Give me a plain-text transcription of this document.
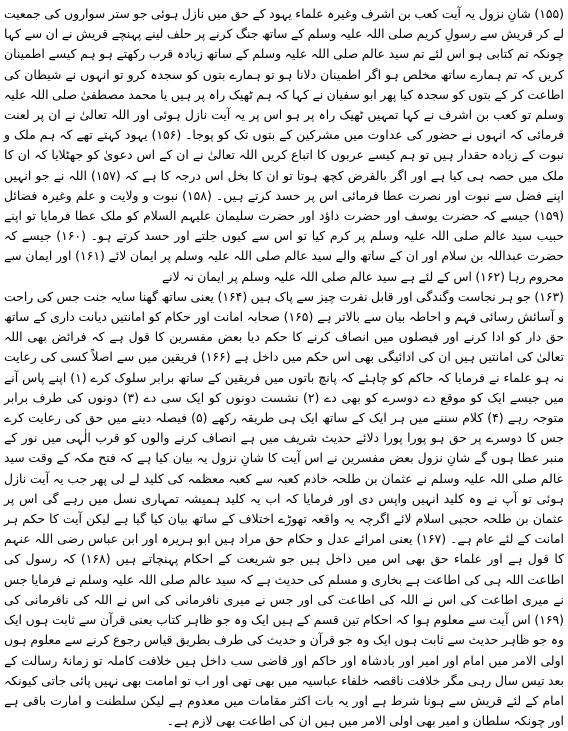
(۱۵۵) شانِ نزول یہ آیت کعب بن اشرف وغیرہ علماء یہود کے حق میں نازل ہوئی جو ستر سواروں کی جمعیت لے کر قریش سے رسولِ کریم صلی اللہ علیہ وسلم کے ساتھ جنگ کرنے پر حلف لینے پہنچے قریش نے ان سے کہا چونکہ تم کتابی ہو اس لئے تم سید عالم صلی اللہ علیہ وسلم کے ساتھ زیادہ قرب رکھتے ہو ہم کیسے اطمینان کریں کہ تم ہمارے ساتھ مخلص ہو اگر اطمینان دلانا ہو تو ہمارے بتوں کو سجدہ کرو تو انہوں نے شیطان کی اطاعت کر کے بتوں کو سجدہ کیا پھر ابو سفیان نے کہا کہ ہم ٹھیک راہ پر ہیں یا محمد مصطفیٰ صلی اللہ علیہ وسلم تو کعب بن اشرف نے کہا تمہیں ٹھیک راہ پر ہو اس پر یہ آیت نازل ہوئی اور اللہ تعالیٰ نے ان پر لعنت فرمائی کہ انہوں نے حضور کی عداوت میں مشرکین کے بتوں تک کو پوجا۔ (۱۵۶) یہود کہتے تھے کہ ہم ملک و نبوت کے زیادہ حقدار ہیں تو ہم کیسے عربوں کا اتباع کریں اللہ تعالیٰ نے ان کے اس دعویٰ کو جھٹلایا کہ ان کا ملک میں حصہ ہی کیا ہے اور اگر بالفرض کچھ ہوتا تو ان کا بخل اس درجہ کا ہے کہ (۱۵۷) اللہ نے جو انہیں اپنے فضل سے نبوت اور نصرت عطا فرمائی اس پر حسد کرتے ہیں۔ (۱۵۸) نبوت و ولایت و علم وغیرہ فضائل (۱۵۹) جیسے کہ حضرت یوسف اور حضرت داؤد اور حضرت سلیمان علیہم السلام کو ملک عطا فرمایا تو اپنے حبیب سید عالم صلی اللہ علیہ وسلم پر کرم کیا تو اس سے کیوں جلتے اور حسد کرتے ہو۔ (۱۶۰) جیسے کہ حضرت عبداللہ بن سلام اور ان کے ساتھ والے سید عالم صلی اللہ علیہ وسلم پر ایمان لائے (۱۶۱) اور ایمان سے محروم رہا (۱۶۲) اس کے لئے ہے سید عالم صلی اللہ علیہ وسلم پر ایمان نہ لانے

(۱۶۳) جو ہر نجاست وگندگی اور قابل نفرت چیز سے پاک ہیں (۱۶۴) یعنی ساتھ گھنا سایہ جنت جس کی راحت و آسائش رسائی فہم و احاطہ بیان سے بالاتر ہے (۱۶۵) صحابہ امانت اور حکام کو امانتیں دیانت داری کے ساتھ حق دار کو ادا کرنے اور فیصلوں میں انصاف کرنے کا حکم دیا بعض مفسرین کا قول ہے کہ فرائض بھی اللہ تعالیٰ کی امانتیں ہیں ان کی ادائیگی بھی اس حکم میں داخل ہے (۱۶۶) فریقین میں سے اصلاً کسی کی رعایت نہ ہو علماء نے فرمایا کہ حاکم کو چاہئے کہ پانچ باتوں میں فریقین کے ساتھ برابر سلوک کرے (۱) اپنے پاس آنے میں جیسے ایک کو موقع دے دوسرے کو بھی دے (۲) نشست دونوں کو ایک سی دے (۳) دونوں کی طرف برابر متوجہ رہے (۴) کلام سننے میں ہر ایک کے ساتھ ایک ہی طریقہ رکھے (۵) فیصلہ دینے میں حق کی رعایت کرے جس کا دوسرے پر حق ہو پورا پورا دلائے حدیث شریف میں ہے انصاف کرنے والوں کو قرب الٰہی میں نور کے منبر عطا ہوں گے شانِ نزول بعض مفسرین نے اس آیت کا شانِ نزول یہ بیان کیا ہے کہ فتح مکہ کے وقت سید عالم صلی اللہ علیہ وسلم نے عثمان بن طلحہ خادم کعبہ سے کعبہ معظمہ کی کلید لے لی پھر جب یہ آیت نازل ہوئی تو آپ نے وہ کلید انہیں واپس دی اور فرمایا کہ اب یہ کلید ہمیشہ تمہاری نسل میں رہے گی اس پر عثمان بن طلحہ حجبی اسلام لائے اگرچہ یہ واقعہ تھوڑے اختلاف کے ساتھ بیان کیا گیا ہے لیکن آیت کا حکم ہر امانت کے لئے عام ہے۔ (۱۶۷) یعنی امرائے عدل و حکام حق مراد ہیں ابو ہریرہ اور ابن عباس رضی اللہ عنہم کا قول ہے اور علماء حق بھی اس میں داخل ہیں جو شریعت کے احکام پہنچاتے ہیں (۱۶۸) کہ رسول کی اطاعت اللہ ہی کی اطاعت ہے بخاری و مسلم کی حدیث ہے کہ سید عالم صلی اللہ علیہ وسلم نے فرمایا جس نے میری اطاعت کی اس نے اللہ کی اطاعت کی اور جس نے میری نافرمانی کی اس نے اللہ کی نافرمانی کی (۱۶۹) اس آیت سے معلوم ہوا کہ احکام تین قسم کے ہیں ایک وہ جو ظاہر کتاب یعنی قرآن سے ثابت ہوں ایک وہ جو ظاہر حدیث سے ثابت ہوں ایک وہ جو قرآن و حدیث کی طرف بطریق قیاس رجوع کرنے سے معلوم ہوں اولی الامر میں امام اور امیر اور بادشاہ اور حاکم اور قاضی سب داخل ہیں خلافت کاملہ تو زمانۂ رسالت کے بعد تیس سال رہی مگر خلافت ناقصہ خلفاء عباسیہ میں بھی تھی اور اب تو امامت بھی نہیں پائی جاتی کیونکہ امام کے لئے قریش سے ہونا شرط ہے اور یہ بات اکثر مقامات میں معدوم ہے لیکن سلطنت و امارت باقی ہے اور چونکہ سلطان و امیر بھی اولی الامر میں ہیں ان کی اطاعت بھی لازم ہے۔
